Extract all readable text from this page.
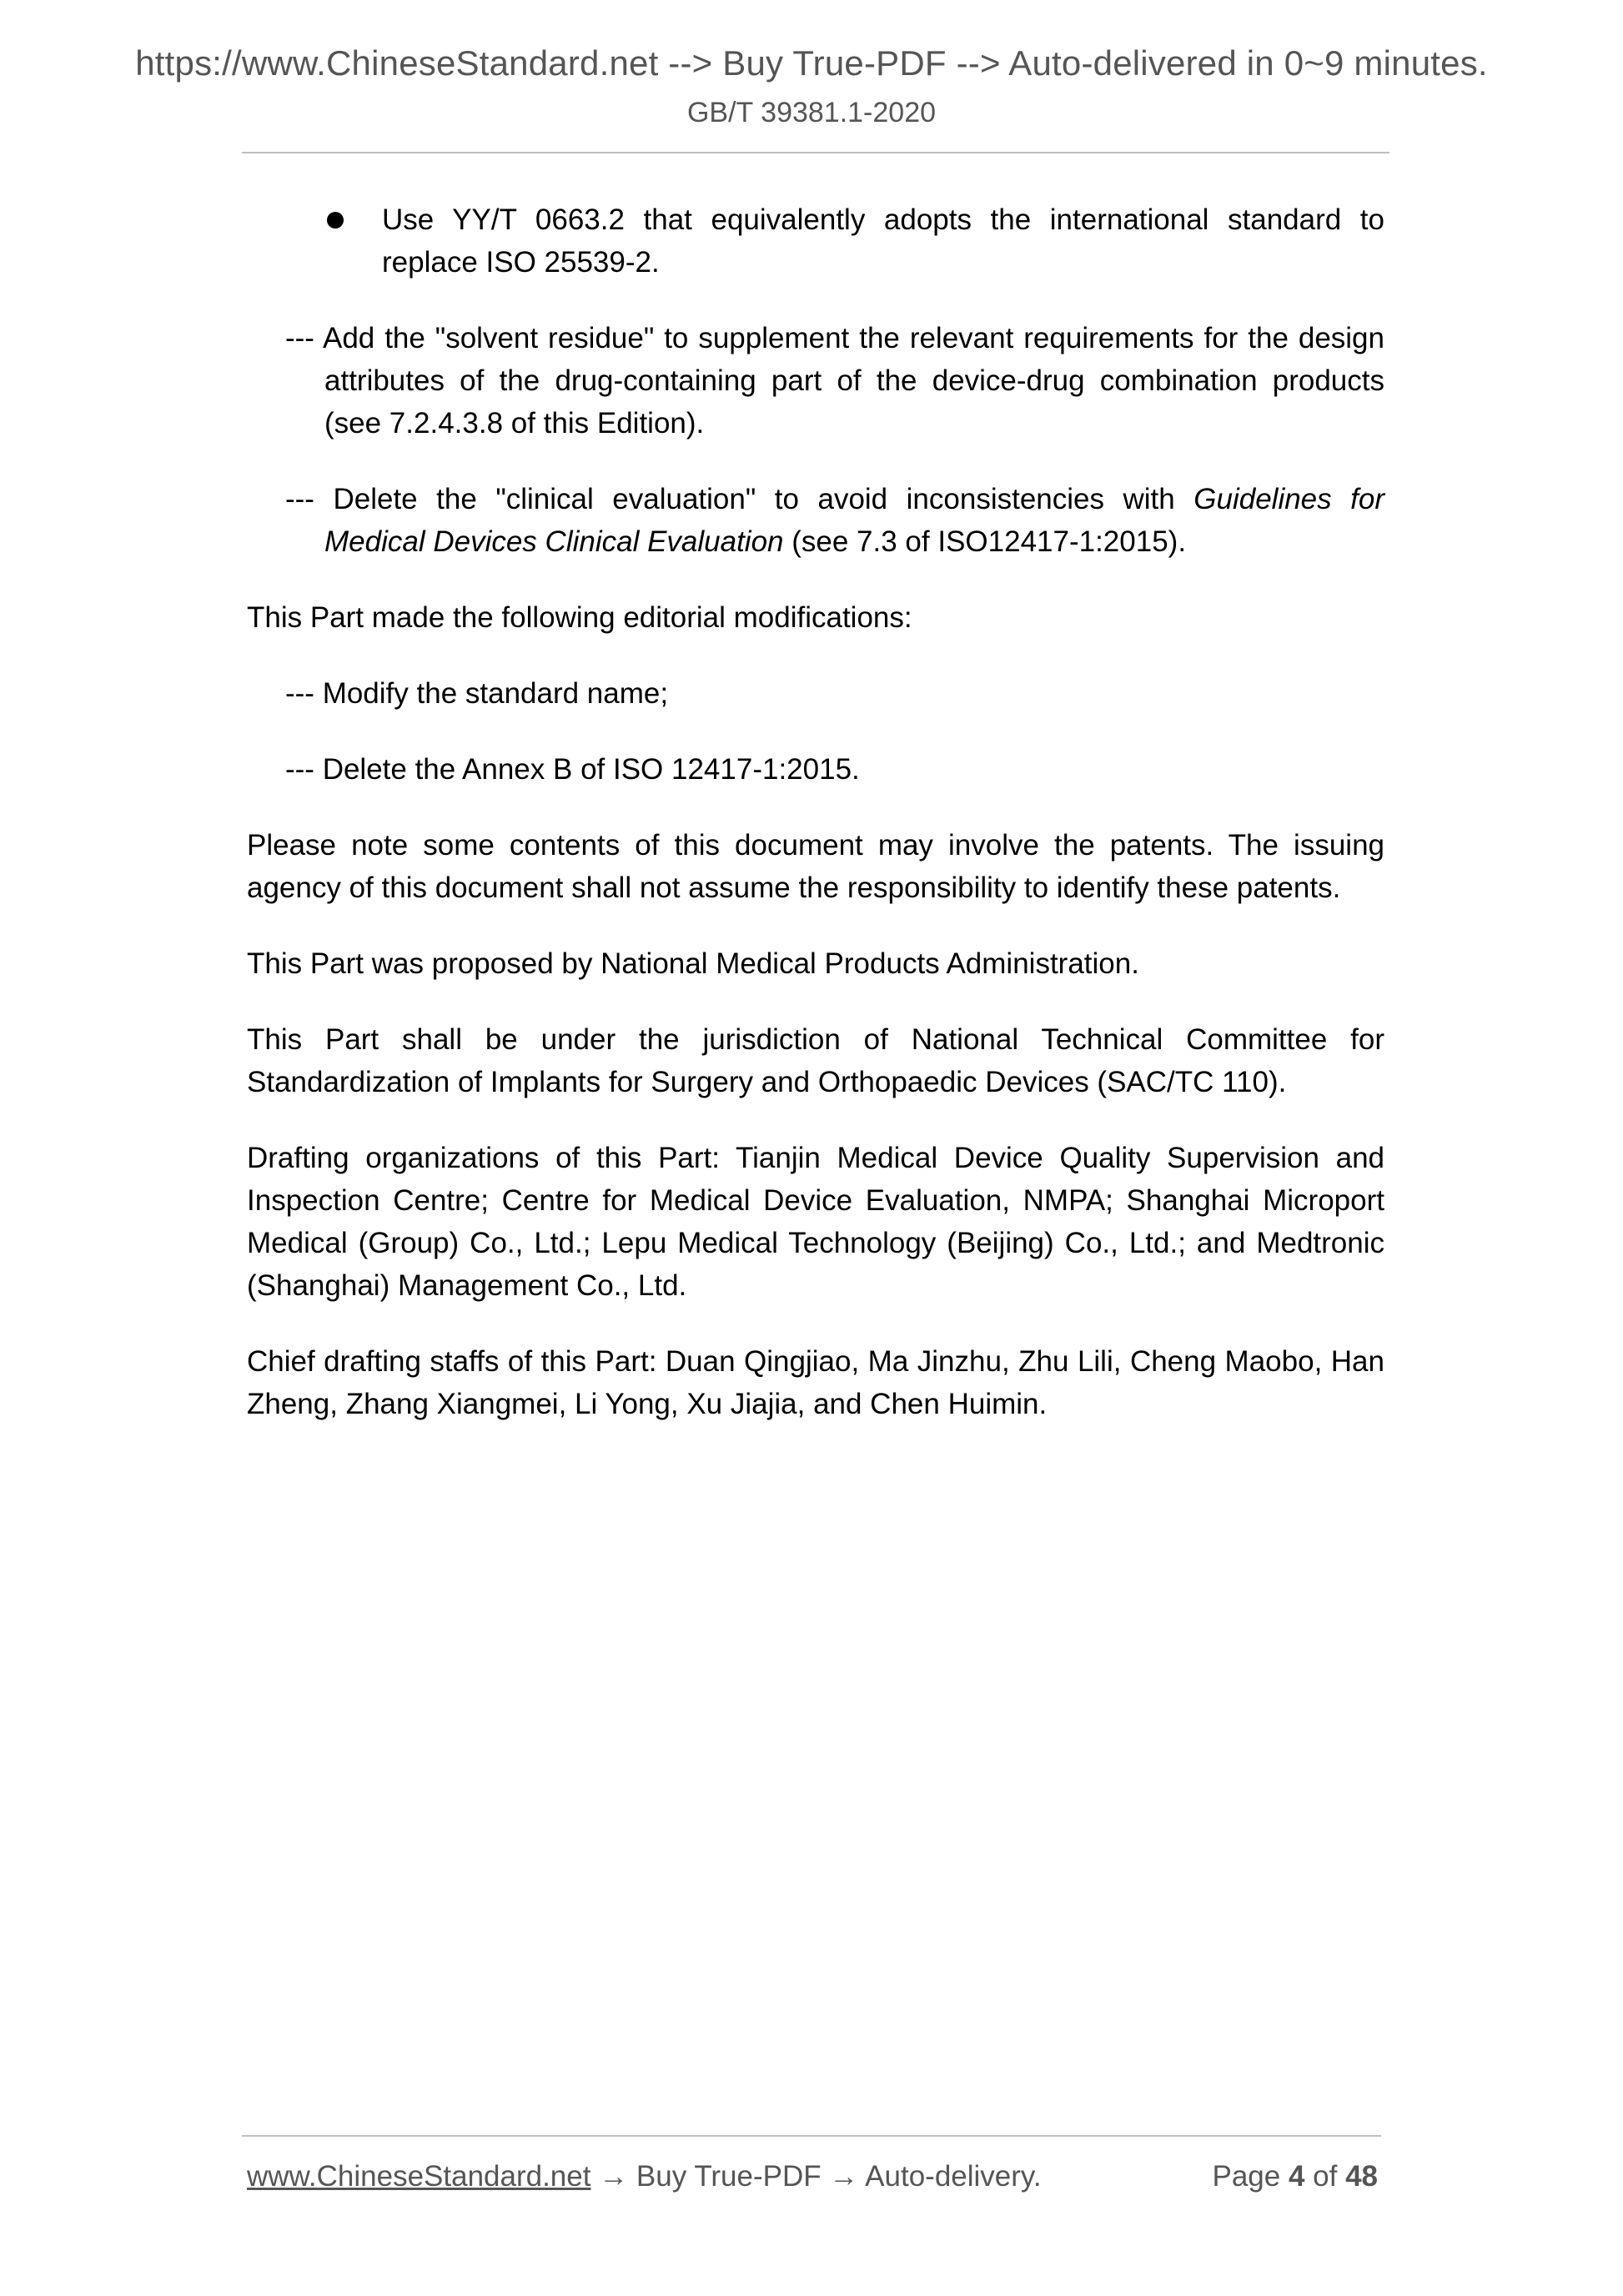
https://www.ChineseStandard.net --> Buy True-PDF --> Auto-delivered in 0~9 minutes.
GB/T 39381.1-2020

Use YY/T 0663.2 that equivalently adopts the international standard to replace ISO 25539-2.

--- Add the "solvent residue" to supplement the relevant requirements for the design attributes of the drug-containing part of the device-drug combination products (see 7.2.4.3.8 of this Edition).

--- Delete the "clinical evaluation" to avoid inconsistencies with Guidelines for Medical Devices Clinical Evaluation (see 7.3 of ISO12417-1:2015).

This Part made the following editorial modifications:

--- Modify the standard name;

--- Delete the Annex B of ISO 12417-1:2015.

Please note some contents of this document may involve the patents. The issuing agency of this document shall not assume the responsibility to identify these patents.

This Part was proposed by National Medical Products Administration.

This Part shall be under the jurisdiction of National Technical Committee for Standardization of Implants for Surgery and Orthopaedic Devices (SAC/TC 110).

Drafting organizations of this Part: Tianjin Medical Device Quality Supervision and Inspection Centre; Centre for Medical Device Evaluation, NMPA; Shanghai Microport Medical (Group) Co., Ltd.; Lepu Medical Technology (Beijing) Co., Ltd.; and Medtronic (Shanghai) Management Co., Ltd.

Chief drafting staffs of this Part: Duan Qingjiao, Ma Jinzhu, Zhu Lili, Cheng Maobo, Han Zheng, Zhang Xiangmei, Li Yong, Xu Jiajia, and Chen Huimin.

www.ChineseStandard.net → Buy True-PDF → Auto-delivery.	Page 4 of 48
